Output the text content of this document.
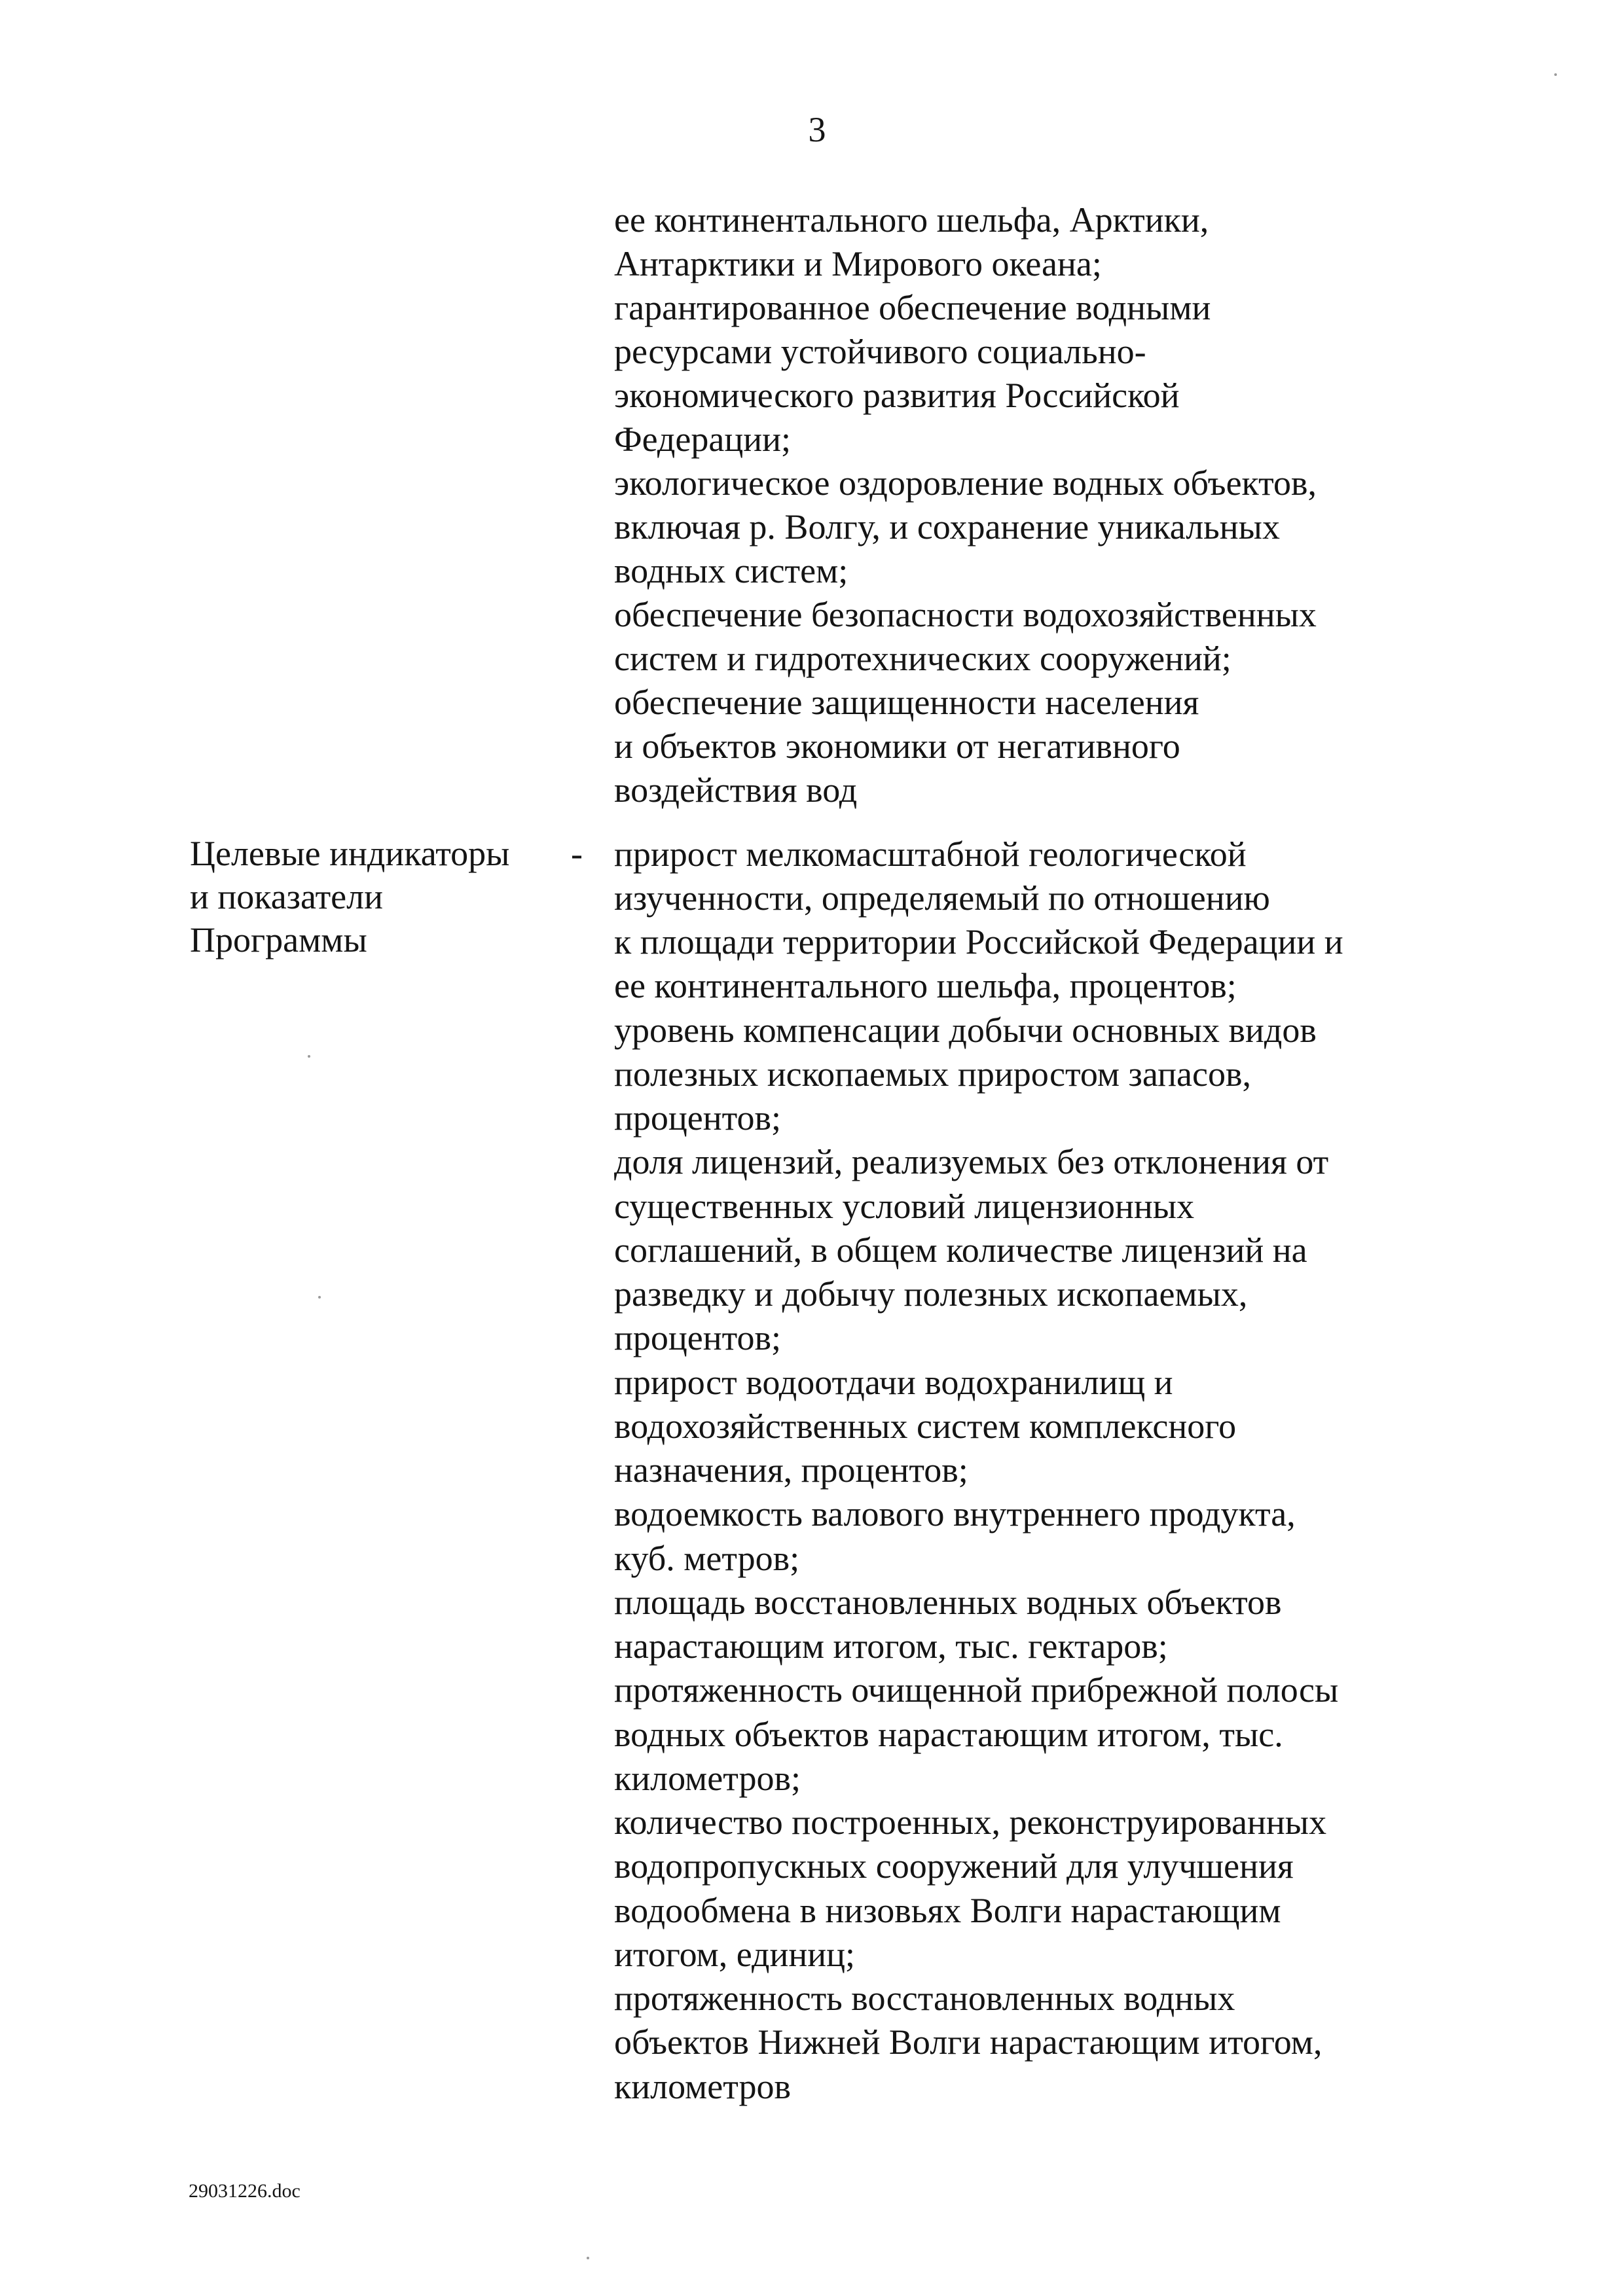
3
ее континентального шельфа, Арктики,
Антарктики и Мирового океана;
гарантированное обеспечение водными
ресурсами устойчивого социально-
экономического развития Российской
Федерации;
экологическое оздоровление водных объектов,
включая р. Волгу, и сохранение уникальных
водных систем;
обеспечение безопасности водохозяйственных
систем и гидротехнических сооружений;
обеспечение защищенности населения
и объектов экономики от негативного
воздействия вод
Целевые индикаторы
и показатели
Программы
- прирост мелкомасштабной геологической
изученности, определяемый по отношению
к площади территории Российской Федерации и
ее континентального шельфа, процентов;
уровень компенсации добычи основных видов
полезных ископаемых приростом запасов,
процентов;
доля лицензий, реализуемых без отклонения от
существенных условий лицензионных
соглашений, в общем количестве лицензий на
разведку и добычу полезных ископаемых,
процентов;
прирост водоотдачи водохранилищ и
водохозяйственных систем комплексного
назначения, процентов;
водоемкость валового внутреннего продукта,
куб. метров;
площадь восстановленных водных объектов
нарастающим итогом, тыс. гектаров;
протяженность очищенной прибрежной полосы
водных объектов нарастающим итогом, тыс.
километров;
количество построенных, реконструированных
водопропускных сооружений для улучшения
водообмена в низовьях Волги нарастающим
итогом, единиц;
протяженность восстановленных водных
объектов Нижней Волги нарастающим итогом,
километров
29031226.doc
